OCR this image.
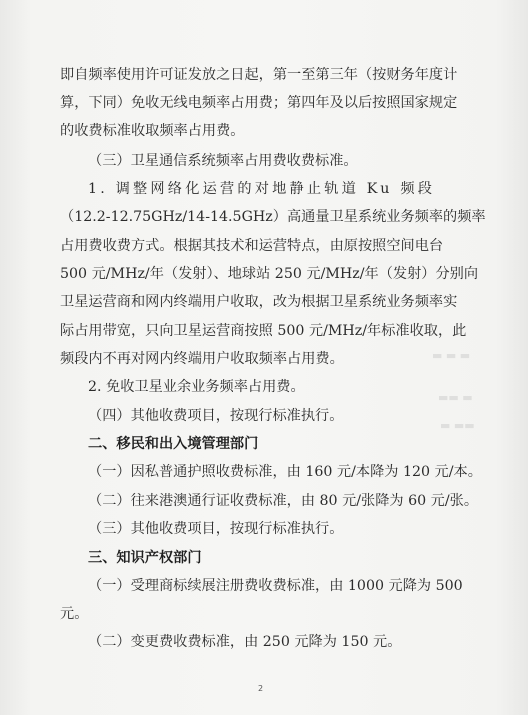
▬ ▬ ▬
▬▬ ▬
▬ ▬▬
即自频率使用许可证发放之日起，第一至第三年（按财务年度计
算，下同）免收无线电频率占用费；第四年及以后按照国家规定
的收费标准收取频率占用费。
（三）卫星通信系统频率占用费收费标准。
1. 调整网络化运营的对地静止轨道 Ku 频段
（12.2-12.75GHz/14-14.5GHz）高通量卫星系统业务频率的频率
占用费收费方式。根据其技术和运营特点，由原按照空间电台
500 元/MHz/年（发射）、地球站 250 元/MHz/年（发射）分别向
卫星运营商和网内终端用户收取，改为根据卫星系统业务频率实
际占用带宽，只向卫星运营商按照 500 元/MHz/年标准收取，此
频段内不再对网内终端用户收取频率占用费。
2. 免收卫星业余业务频率占用费。
（四）其他收费项目，按现行标准执行。
二、移民和出入境管理部门
（一）因私普通护照收费标准，由 160 元/本降为 120 元/本。
（二）往来港澳通行证收费标准，由 80 元/张降为 60 元/张。
（三）其他收费项目，按现行标准执行。
三、知识产权部门
（一）受理商标续展注册费收费标准，由 1000 元降为 500
元。
（二）变更费收费标准，由 250 元降为 150 元。
2
